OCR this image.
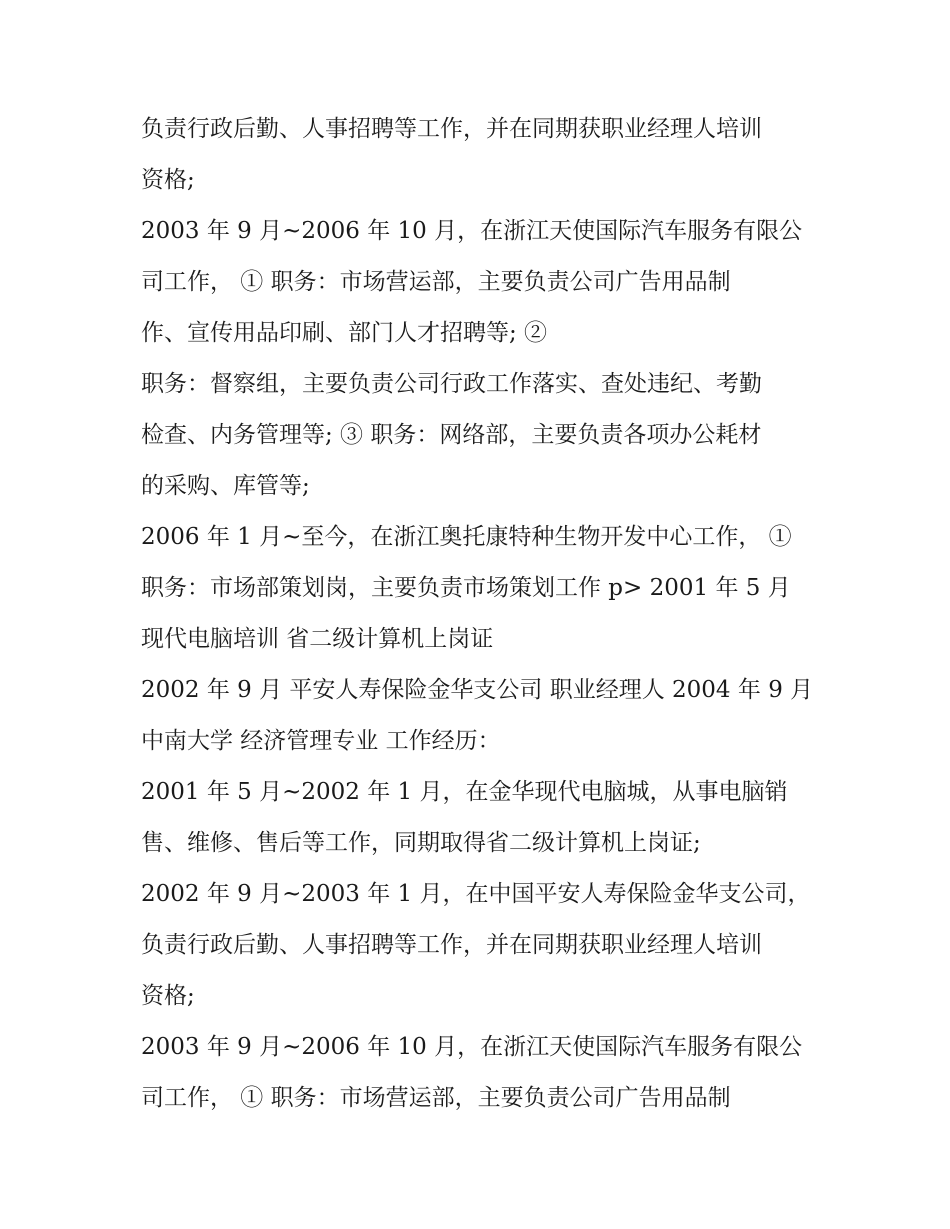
负责行政后勤、人事招聘等工作，并在同期获职业经理人培训
资格;
2003 年 9 月~2006 年 10 月，在浙江天使国际汽车服务有限公
司工作， ① 职务：市场营运部，主要负责公司广告用品制
作、宣传用品印刷、部门人才招聘等; ②
职务：督察组，主要负责公司行政工作落实、查处违纪、考勤
检查、内务管理等; ③ 职务：网络部，主要负责各项办公耗材
的采购、库管等;
2006 年 1 月~至今，在浙江奥托康特种生物开发中心工作， ①
职务：市场部策划岗，主要负责市场策划工作 p> 2001 年 5 月
现代电脑培训 省二级计算机上岗证
2002 年 9 月 平安人寿保险金华支公司 职业经理人 2004 年 9 月
中南大学 经济管理专业 工作经历：
2001 年 5 月~2002 年 1 月，在金华现代电脑城，从事电脑销
售、维修、售后等工作，同期取得省二级计算机上岗证;
2002 年 9 月~2003 年 1 月，在中国平安人寿保险金华支公司，
负责行政后勤、人事招聘等工作，并在同期获职业经理人培训
资格;
2003 年 9 月~2006 年 10 月，在浙江天使国际汽车服务有限公
司工作， ① 职务：市场营运部，主要负责公司广告用品制
